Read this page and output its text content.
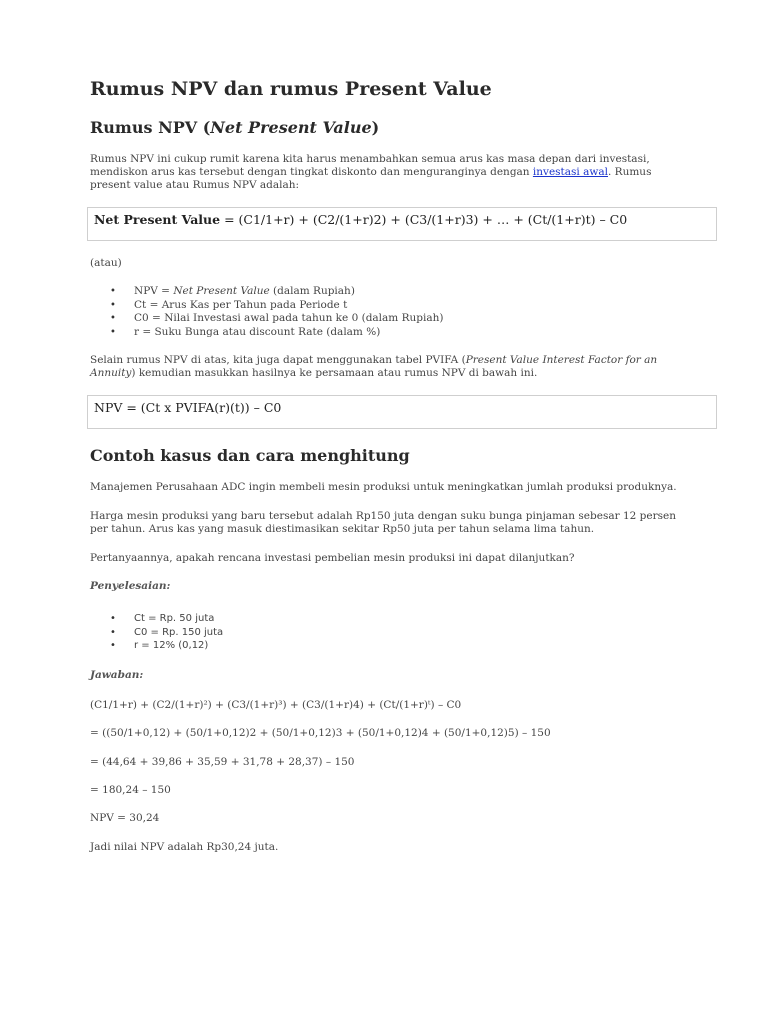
Rumus NPV dan rumus Present Value
Rumus NPV (Net Present Value)

Rumus NPV ini cukup rumit karena kita harus menambahkan semua arus kas masa depan dari investasi, mendiskon arus kas tersebut dengan tingkat diskonto dan menguranginya dengan investasi awal. Rumus present value atau Rumus NPV adalah:

Net Present Value = (C1/1+r) + (C2/(1+r)2) + (C3/(1+r)3) + … + (Ct/(1+r)t) – C0

(atau)

• NPV = Net Present Value (dalam Rupiah)
• Ct = Arus Kas per Tahun pada Periode t
• C0 = Nilai Investasi awal pada tahun ke 0 (dalam Rupiah)
• r = Suku Bunga atau discount Rate (dalam %)

Selain rumus NPV di atas, kita juga dapat menggunakan tabel PVIFA (Present Value Interest Factor for an Annuity) kemudian masukkan hasilnya ke persamaan atau rumus NPV di bawah ini.

NPV = (Ct x PVIFA(r)(t)) – C0
Contoh kasus dan cara menghitung

Manajemen Perusahaan ADC ingin membeli mesin produksi untuk meningkatkan jumlah produksi produknya.

Harga mesin produksi yang baru tersebut adalah Rp150 juta dengan suku bunga pinjaman sebesar 12 persen per tahun. Arus kas yang masuk diestimasikan sekitar Rp50 juta per tahun selama lima tahun.

Pertanyaannya, apakah rencana investasi pembelian mesin produksi ini dapat dilanjutkan?

Penyelesaian:

• Ct = Rp. 50 juta
• C0 = Rp. 150 juta
• r = 12% (0,12)

Jawaban:

(C1/1+r) + (C2/(1+r)²) + (C3/(1+r)³) + (C3/(1+r)4) + (Ct/(1+r)ᵗ) – C0

= ((50/1+0,12) + (50/1+0,12)2 + (50/1+0,12)3 + (50/1+0,12)4 + (50/1+0,12)5) – 150

= (44,64 + 39,86 + 35,59 + 31,78 + 28,37) – 150

= 180,24 – 150

NPV = 30,24

Jadi nilai NPV adalah Rp30,24 juta.
